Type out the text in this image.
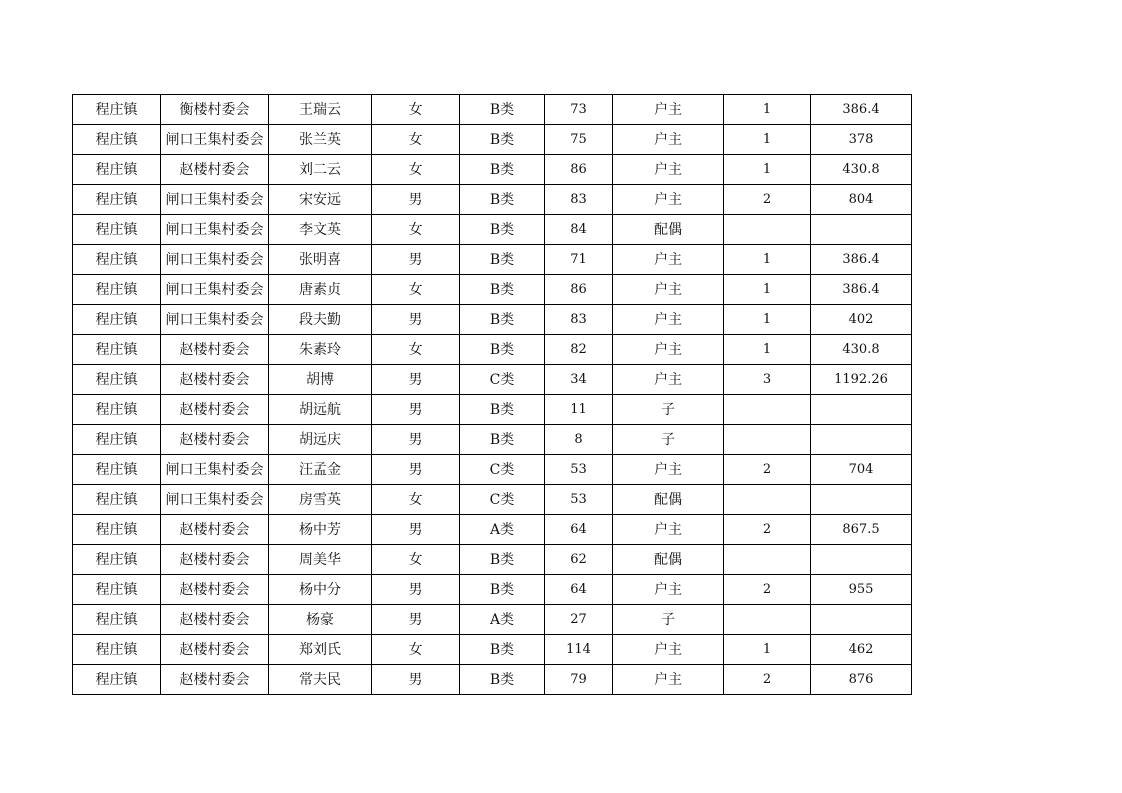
程庄镇	衡楼村委会	王瑞云	女	B类	73	户主	1	386.4
程庄镇	闸口王集村委会	张兰英	女	B类	75	户主	1	378
程庄镇	赵楼村委会	刘二云	女	B类	86	户主	1	430.8
程庄镇	闸口王集村委会	宋安远	男	B类	83	户主	2	804
程庄镇	闸口王集村委会	李文英	女	B类	84	配偶		
程庄镇	闸口王集村委会	张明喜	男	B类	71	户主	1	386.4
程庄镇	闸口王集村委会	唐素贞	女	B类	86	户主	1	386.4
程庄镇	闸口王集村委会	段夫勤	男	B类	83	户主	1	402
程庄镇	赵楼村委会	朱素玲	女	B类	82	户主	1	430.8
程庄镇	赵楼村委会	胡博	男	C类	34	户主	3	1192.26
程庄镇	赵楼村委会	胡远航	男	B类	11	子		
程庄镇	赵楼村委会	胡远庆	男	B类	8	子		
程庄镇	闸口王集村委会	汪孟金	男	C类	53	户主	2	704
程庄镇	闸口王集村委会	房雪英	女	C类	53	配偶		
程庄镇	赵楼村委会	杨中芳	男	A类	64	户主	2	867.5
程庄镇	赵楼村委会	周美华	女	B类	62	配偶		
程庄镇	赵楼村委会	杨中分	男	B类	64	户主	2	955
程庄镇	赵楼村委会	杨豪	男	A类	27	子		
程庄镇	赵楼村委会	郑刘氏	女	B类	114	户主	1	462
程庄镇	赵楼村委会	常夫民	男	B类	79	户主	2	876
